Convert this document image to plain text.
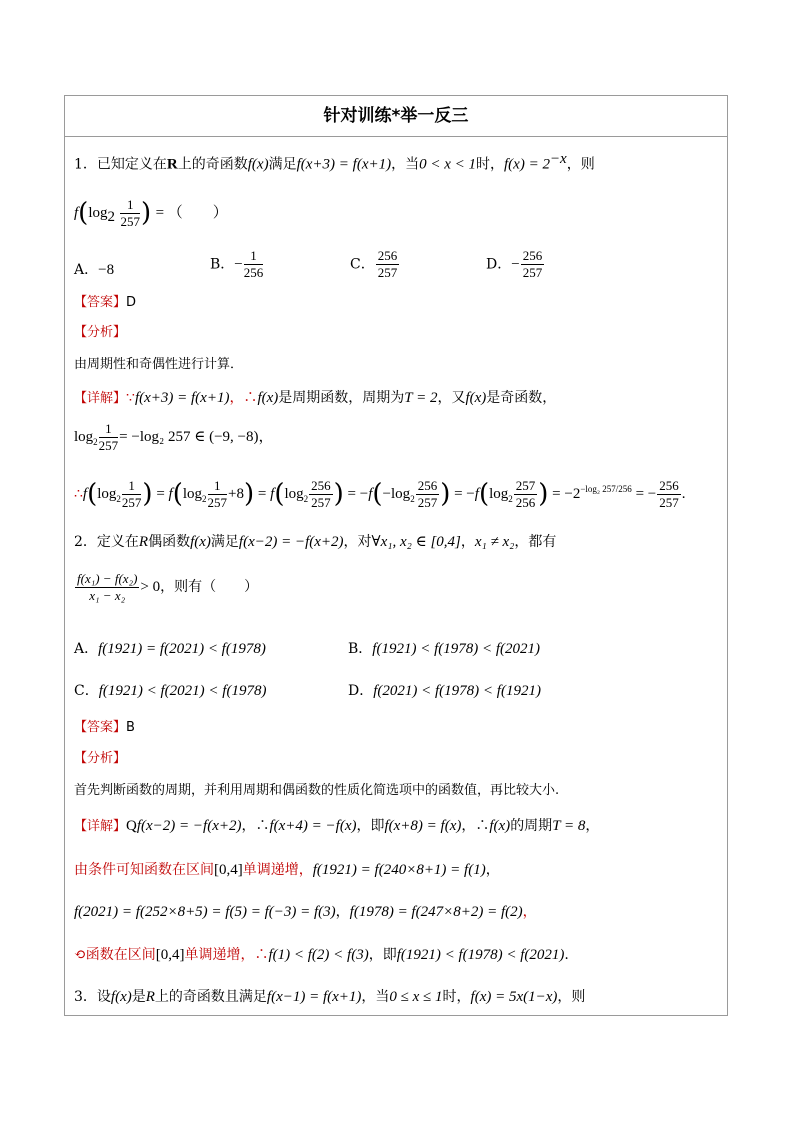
针对训练*举一反三
1．已知定义在R上的奇函数f(x)满足f(x+3) = f(x+1)，当0 < x < 1时，$f(x) = 2^{-x}$，则
$f(\log_2 \frac{1}{257}$ ) = （　　）
A．−8	B．− $\frac{1}{256}$	C． $\frac{256}{257}$	D．− $\frac{256}{257}$
【答案】D
【分析】
由周期性和奇偶性进行计算．
【详解】∵f(x+3) = f(x+1)，∴f(x)是周期函数，周期为T = 2，又f(x)是奇函数，
$\log_2 \frac{1}{257} = -\log_2$ 257 ∈ (−9, −8)，
$\therefore f(\log_2 \frac{1}{257}$ ) = $f(\log_2 \frac{1}{257} +8) = f(\log_2 \frac{256}{257}$ ) = $-f(-\log_2 \frac{256}{257}$ ) = $-f(\log_2 \frac{257}{256}$ ) = $-2^{-log_2 257/256}$ = − $\frac{256}{257}$ .
2．定义在R偶函数f(x)满足f(x−2) = −f(x+2)，对∀x₁, x₂ ∈ [0,4]，x₁ ≠ x₂，都有
$\frac{\text{f(x₁) − f(x₂)}}{\text{x₁ − x₂}} > 0$，则有（　　）
A．f(1921) = f(2021) < f(1978)	B．f(1921) < f(1978) < f(2021)
C．f(1921) < f(2021) < f(1978)	D．f(2021) < f(1978) < f(1921)
【答案】B
【分析】
首先判断函数的周期，并利用周期和偶函数的性质化简选项中的函数值，再比较大小.
【详解】Qf(x−2) = −f(x+2)，∴f(x+4) = −f(x)，即f(x+8) = f(x)，∴f(x)的周期T = 8，
由条件可知函数在区间[0,4]单调递增，f(1921) = f(240×8+1) = f(1)，
f(2021) = f(252×8+5) = f(5) = f(−3) = f(3)，f(1978) = f(247×8+2) = f(2)，
⟲函数在区间[0,4]单调递增，∴f(1) < f(2) < f(3)，即f(1921) < f(1978) < f(2021).
3．设f(x)是R上的奇函数且满足f(x−1) = f(x+1)，当0 ≤ x ≤ 1时，f(x) = 5x(1−x)，则
